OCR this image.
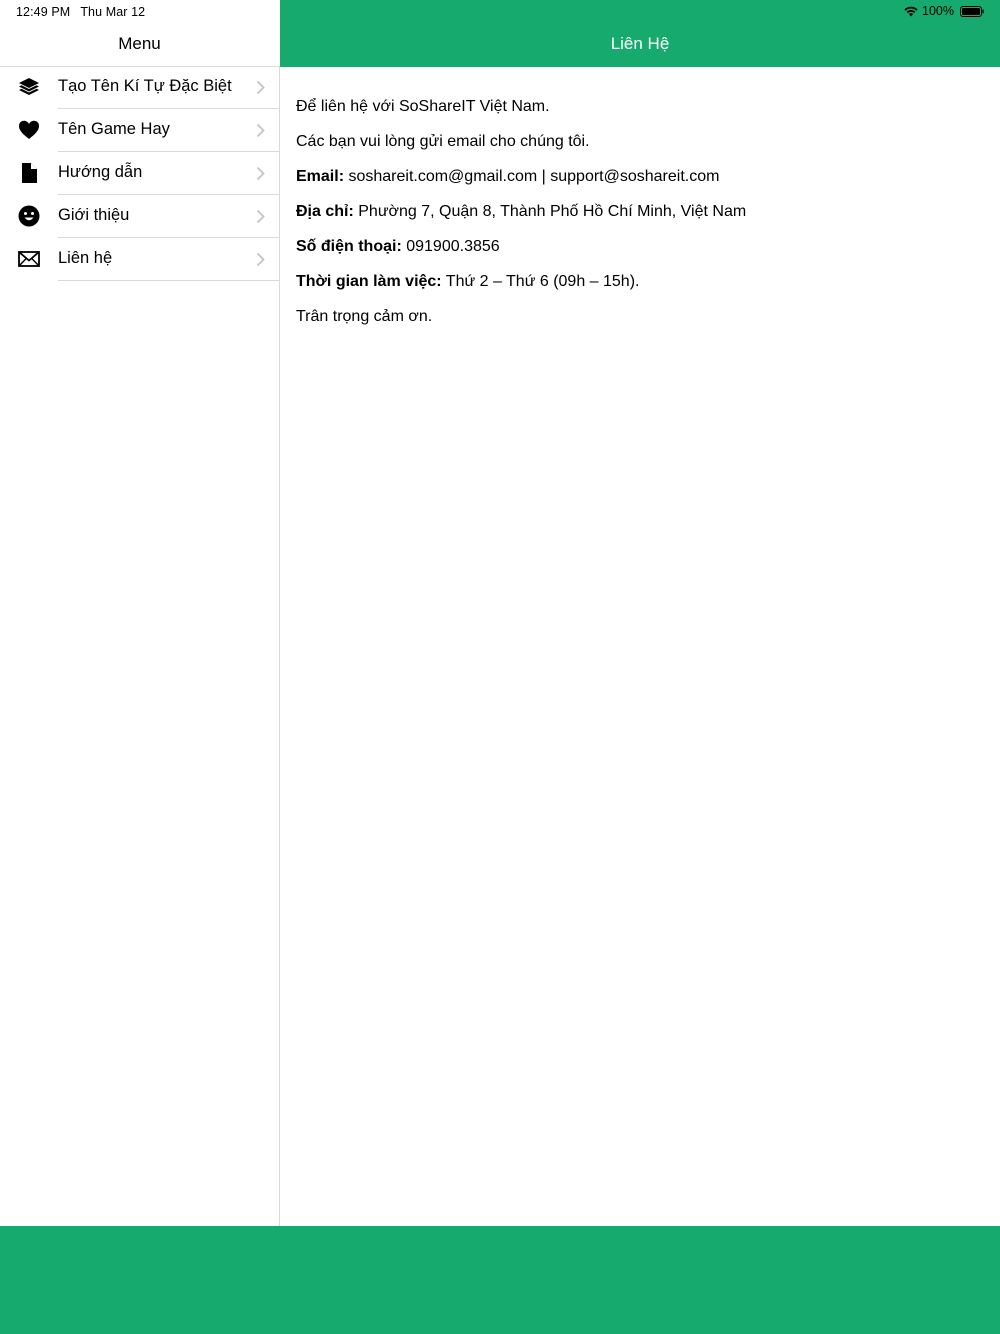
12:49 PM Thu Mar 12
Menu
Tạo Tên Kí Tự Đặc Biệt
Tên Game Hay
Hướng dẫn
Giới thiệu
Liên hệ
100%
Liên Hệ

Để liên hệ với SoShareIT Việt Nam.

Các bạn vui lòng gửi email cho chúng tôi.

Email: soshareit.com@gmail.com | support@soshareit.com

Địa chỉ: Phường 7, Quận 8, Thành Phố Hồ Chí Minh, Việt Nam

Số điện thoại: 091900.3856

Thời gian làm việc: Thứ 2 – Thứ 6 (09h – 15h).

Trân trọng cảm ơn.
